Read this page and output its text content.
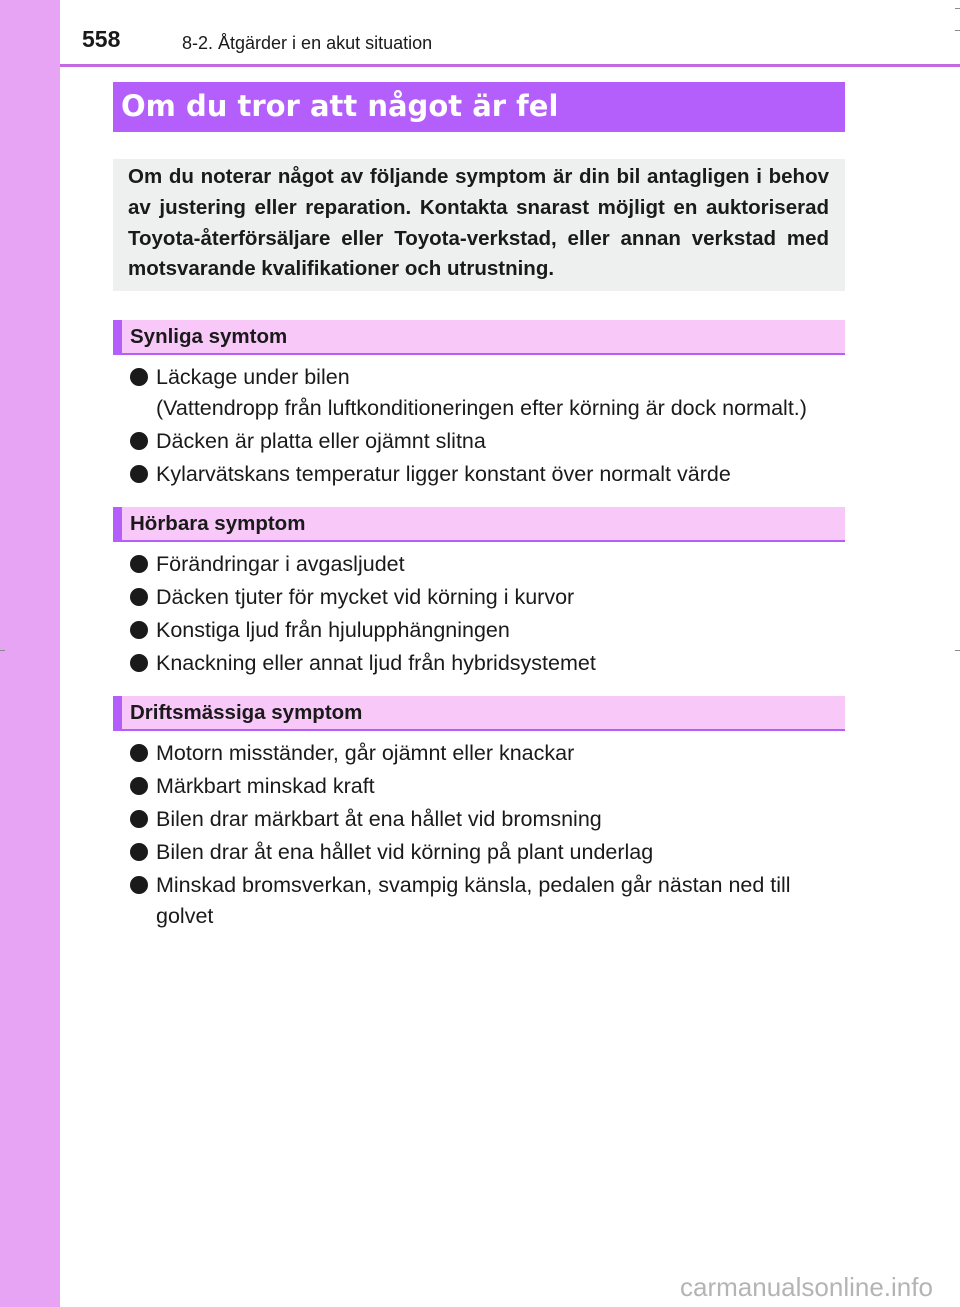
558	8-2. Åtgärder i en akut situation
Om du tror att något är fel

Om du noterar något av följande symptom är din bil antagligen i behov av justering eller reparation. Kontakta snarast möjligt en auktoriserad Toyota-återförsäljare eller Toyota-verkstad, eller annan verkstad med motsvarande kvalifikationer och utrustning.

Synliga symtom
Läckage under bilen
(Vattendropp från luftkonditioneringen efter körning är dock normalt.)
Däcken är platta eller ojämnt slitna
Kylarvätskans temperatur ligger konstant över normalt värde
Hörbara symptom
Förändringar i avgasljudet
Däcken tjuter för mycket vid körning i kurvor
Konstiga ljud från hjulupphängningen
Knackning eller annat ljud från hybridsystemet
Driftsmässiga symptom
Motorn misständer, går ojämnt eller knackar
Märkbart minskad kraft
Bilen drar märkbart åt ena hållet vid bromsning
Bilen drar åt ena hållet vid körning på plant underlag
Minskad bromsverkan, svampig känsla, pedalen går nästan ned till
golvet
carmanualsonline.info
